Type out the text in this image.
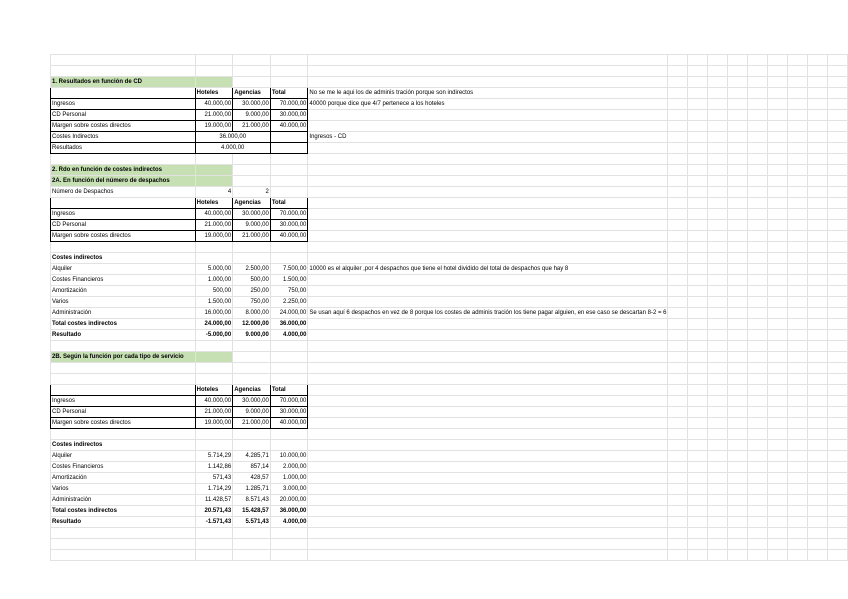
1. Resultados en función de CD													
	Hoteles	Agencias	Total	No se me le aqui los de adminis tración porque son indirectos									
Ingresos	40.000,00	30.000,00	70.000,00	40000 porque dice que 4/7 pertenece a los hoteles									
CD Personal	21.000,00	9.000,00	30.000,00										
Margen sobre costes directos	19.000,00	21.000,00	40.000,00										
Costes Indirectos	36.000,00			Ingresos - CD									
Resultados	4.000,00												

2. Rdo en función de costes indirectos													
2A. En función del número de despachos													
Número de Despachos	4	2											
	Hoteles	Agencias	Total										
Ingresos	40.000,00	30.000,00	70.000,00										
CD Personal	21.000,00	9.000,00	30.000,00										
Margen sobre costes directos	19.000,00	21.000,00	40.000,00										

Costes indirectos													
Alquiler	5.000,00	2.500,00	7.500,00	10000 es el alquiler ,por 4 despachos que tiene el hotel dividido del total de despachos que hay 8									
Costes Financieros	1.000,00	500,00	1.500,00										
Amortización	500,00	250,00	750,00										
Varios	1.500,00	750,00	2.250,00										
Administración	16.000,00	8.000,00	24.000,00	Se usan aquí 6 despachos en vez de 8 porque los costes de adminis tración los tiene pagar alguien, en ese caso se descartan 8-2 = 6									
Total costes indirectos	24.000,00	12.000,00	36.000,00										
Resultado	-5.000,00	9.000,00	4.000,00										

2B. Según la función por cada tipo de servicio													

	Hoteles	Agencias	Total										
Ingresos	40.000,00	30.000,00	70.000,00										
CD Personal	21.000,00	9.000,00	30.000,00										
Margen sobre costes directos	19.000,00	21.000,00	40.000,00										

Costes indirectos													
Alquiler	5.714,29	4.285,71	10.000,00										
Costes Financieros	1.142,86	857,14	2.000,00										
Amortización	571,43	428,57	1.000,00										
Varios	1.714,29	1.285,71	3.000,00										
Administración	11.428,57	8.571,43	20.000,00										
Total costes indirectos	20.571,43	15.428,57	36.000,00										
Resultado	-1.571,43	5.571,43	4.000,00										
